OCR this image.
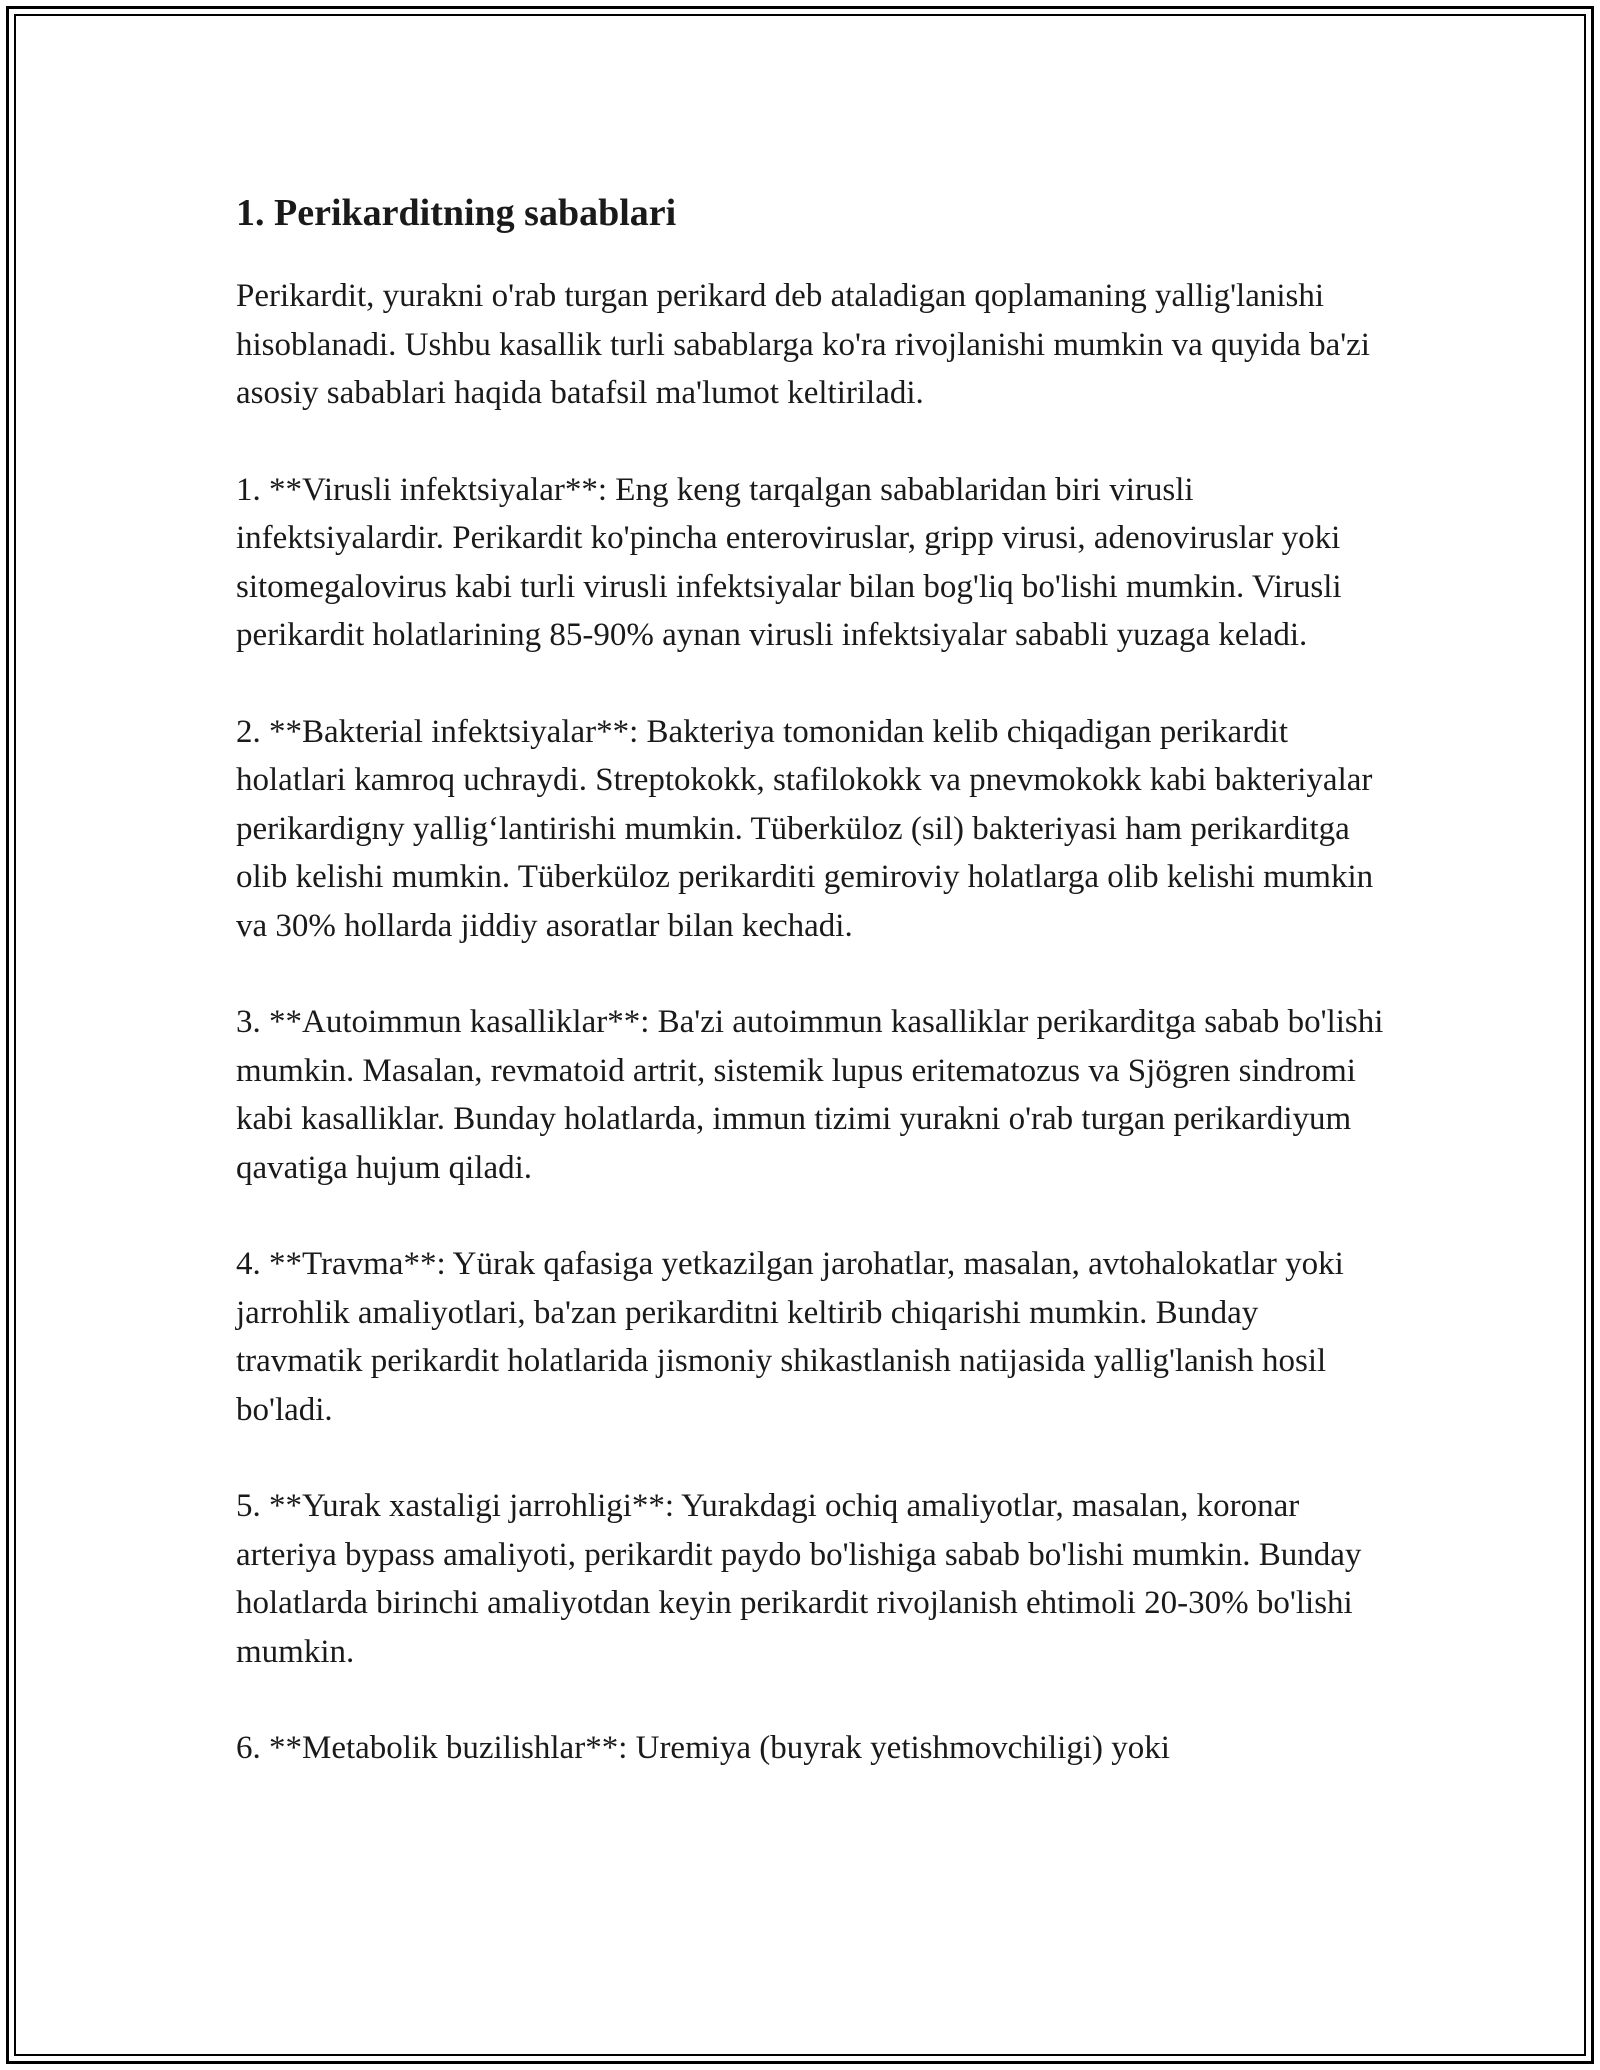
1. Perikarditning sabablari

Perikardit, yurakni o'rab turgan perikard deb ataladigan qoplamaning yallig'lanishi hisoblanadi. Ushbu kasallik turli sabablarga ko'ra rivojlanishi mumkin va quyida ba'zi asosiy sabablari haqida batafsil ma'lumot keltiriladi.

1. **Virusli infektsiyalar**: Eng keng tarqalgan sabablaridan biri virusli infektsiyalardir. Perikardit ko'pincha enteroviruslar, gripp virusi, adenoviruslar yoki sitomegalovirus kabi turli virusli infektsiyalar bilan bog'liq bo'lishi mumkin. Virusli perikardit holatlarining 85-90% aynan virusli infektsiyalar sababli yuzaga keladi.

2. **Bakterial infektsiyalar**: Bakteriya tomonidan kelib chiqadigan perikardit holatlari kamroq uchraydi. Streptokokk, stafilokokk va pnevmokokk kabi bakteriyalar perikardigny yallig‘lantirishi mumkin. Tüberküloz (sil) bakteriyasi ham perikarditga olib kelishi mumkin. Tüberküloz perikarditi gemiroviy holatlarga olib kelishi mumkin va 30% hollarda jiddiy asoratlar bilan kechadi.

3. **Autoimmun kasalliklar**: Ba'zi autoimmun kasalliklar perikarditga sabab bo'lishi mumkin. Masalan, revmatoid artrit, sistemik lupus eritematozus va Sjögren sindromi kabi kasalliklar. Bunday holatlarda, immun tizimi yurakni o'rab turgan perikardiyum qavatiga hujum qiladi.

4. **Travma**: Yürak qafasiga yetkazilgan jarohatlar, masalan, avtohalokatlar yoki jarrohlik amaliyotlari, ba'zan perikarditni keltirib chiqarishi mumkin. Bunday travmatik perikardit holatlarida jismoniy shikastlanish natijasida yallig'lanish hosil bo'ladi.

5. **Yurak xastaligi jarrohligi**: Yurakdagi ochiq amaliyotlar, masalan, koronar arteriya bypass amaliyoti, perikardit paydo bo'lishiga sabab bo'lishi mumkin. Bunday holatlarda birinchi amaliyotdan keyin perikardit rivojlanish ehtimoli 20-30% bo'lishi mumkin.

6. **Metabolik buzilishlar**: Uremiya (buyrak yetishmovchiligi) yoki
